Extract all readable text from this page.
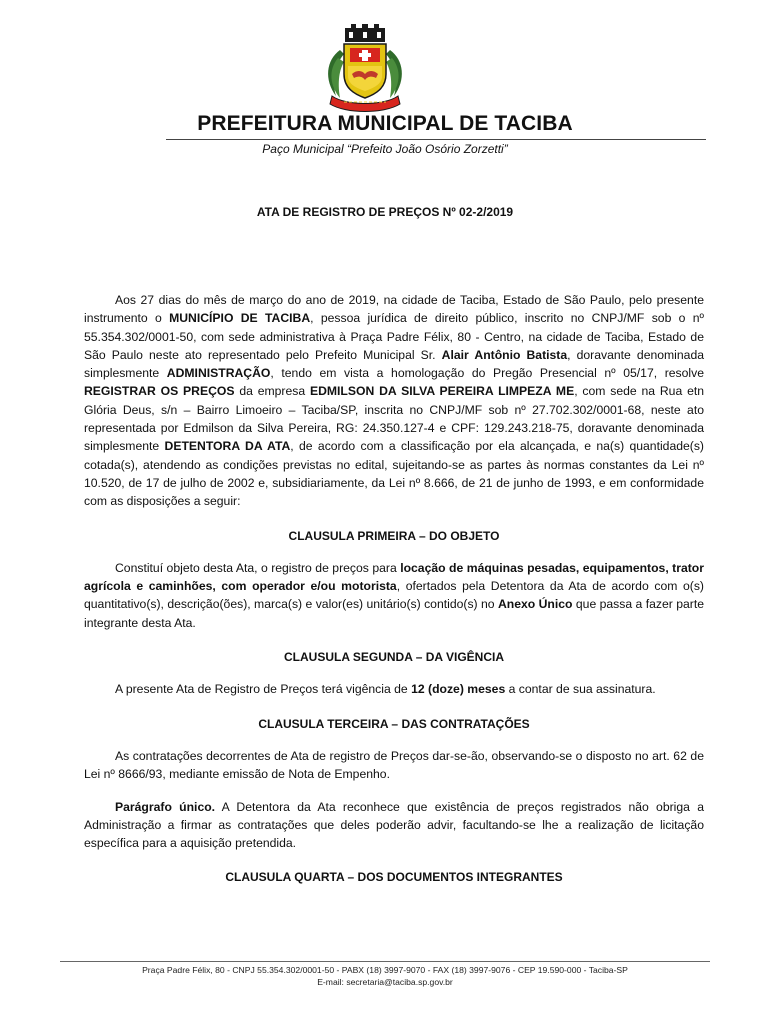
PREFEITURA MUNICIPAL DE TACIBA
Paço Municipal “Prefeito João Osório Zorzetti”
ATA DE REGISTRO DE PREÇOS Nº 02-2/2019

Aos 27 dias do mês de março do ano de 2019, na cidade de Taciba, Estado de São Paulo, pelo presente instrumento o MUNICÍPIO DE TACIBA, pessoa jurídica de direito público, inscrito no CNPJ/MF sob o nº 55.354.302/0001-50, com sede administrativa à Praça Padre Félix, 80 - Centro, na cidade de Taciba, Estado de São Paulo neste ato representado pelo Prefeito Municipal Sr. Alair Antônio Batista, doravante denominada simplesmente ADMINISTRAÇÃO, tendo em vista a homologação do Pregão Presencial nº 05/17, resolve REGISTRAR OS PREÇOS da empresa EDMILSON DA SILVA PEREIRA LIMPEZA ME, com sede na Rua etn Glória Deus, s/n – Bairro Limoeiro – Taciba/SP, inscrita no CNPJ/MF sob nº 27.702.302/0001-68, neste ato representada por Edmilson da Silva Pereira, RG: 24.350.127-4 e CPF: 129.243.218-75, doravante denominada simplesmente DETENTORA DA ATA, de acordo com a classificação por ela alcançada, e na(s) quantidade(s) cotada(s), atendendo as condições previstas no edital, sujeitando-se as partes às normas constantes da Lei nº 10.520, de 17 de julho de 2002 e, subsidiariamente, da Lei nº 8.666, de 21 de junho de 1993, e em conformidade com as disposições a seguir:

CLAUSULA PRIMEIRA – DO OBJETO

Constituí objeto desta Ata, o registro de preços para locação de máquinas pesadas, equipamentos, trator agrícola e caminhões, com operador e/ou motorista, ofertados pela Detentora da Ata de acordo com o(s) quantitativo(s), descrição(ões), marca(s) e valor(es) unitário(s) contido(s) no Anexo Único que passa a fazer parte integrante desta Ata.

CLAUSULA SEGUNDA – DA VIGÊNCIA

A presente Ata de Registro de Preços terá vigência de 12 (doze) meses a contar de sua assinatura.

CLAUSULA TERCEIRA – DAS CONTRATAÇÕES

As contratações decorrentes de Ata de registro de Preços dar-se-ão, observando-se o disposto no art. 62 de Lei nº 8666/93, mediante emissão de Nota de Empenho.

Parágrafo único. A Detentora da Ata reconhece que existência de preços registrados não obriga a Administração a firmar as contratações que deles poderão advir, facultando-se lhe a realização de licitação específica para a aquisição pretendida.

CLAUSULA QUARTA – DOS DOCUMENTOS INTEGRANTES
Praça Padre Félix, 80 - CNPJ 55.354.302/0001-50 - PABX (18) 3997-9070 - FAX (18) 3997-9076 - CEP 19.590-000 - Taciba-SP
E-mail: secretaria@taciba.sp.gov.br
